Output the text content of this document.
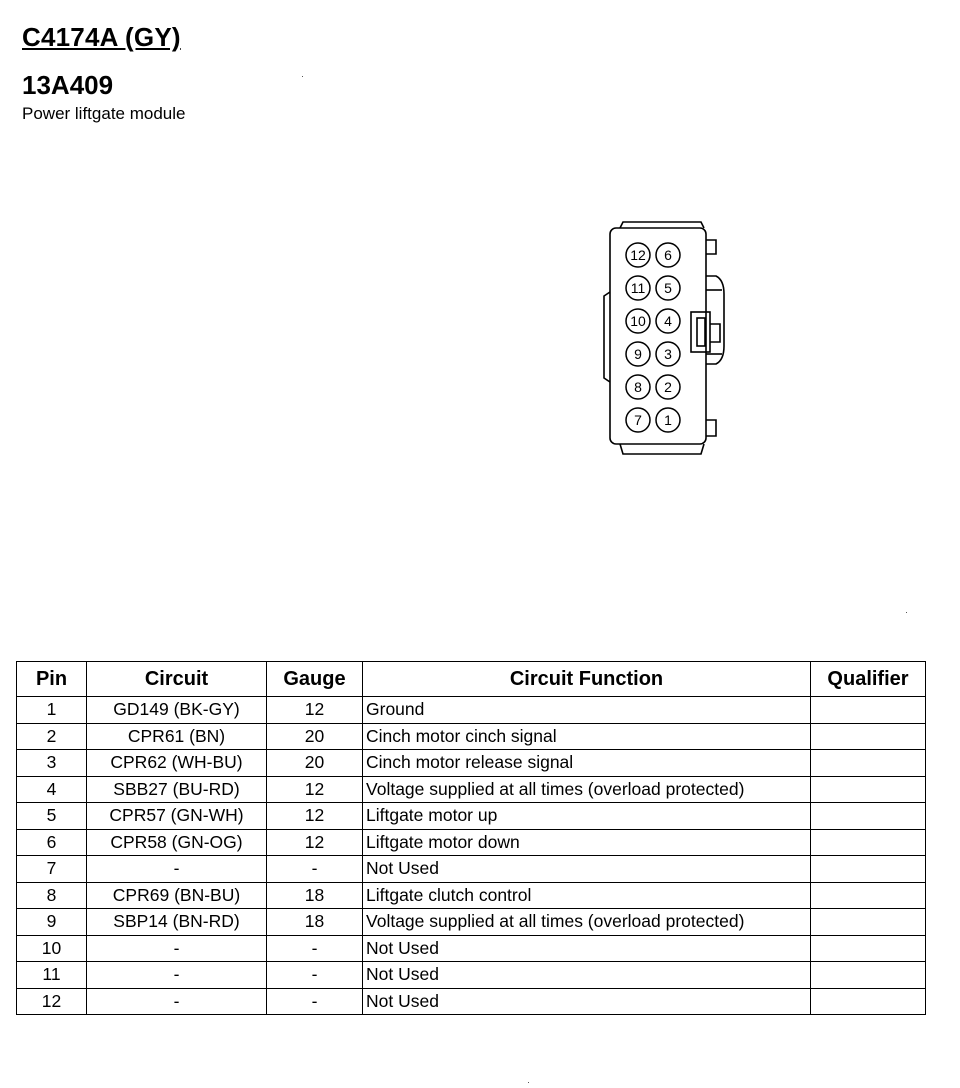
C4174A (GY)
13A409

Power liftgate module

12
11
10
9
8
7
6
5
4
3
2
1
Pin	Circuit	Gauge	Circuit Function	Qualifier
1	GD149 (BK-GY)	12	Ground	
2	CPR61 (BN)	20	Cinch motor cinch signal	
3	CPR62 (WH-BU)	20	Cinch motor release signal	
4	SBB27 (BU-RD)	12	Voltage supplied at all times (overload protected)	
5	CPR57 (GN-WH)	12	Liftgate motor up	
6	CPR58 (GN-OG)	12	Liftgate motor down	
7	-	-	Not Used	
8	CPR69 (BN-BU)	18	Liftgate clutch control	
9	SBP14 (BN-RD)	18	Voltage supplied at all times (overload protected)	
10	-	-	Not Used	
11	-	-	Not Used	
12	-	-	Not Used	
